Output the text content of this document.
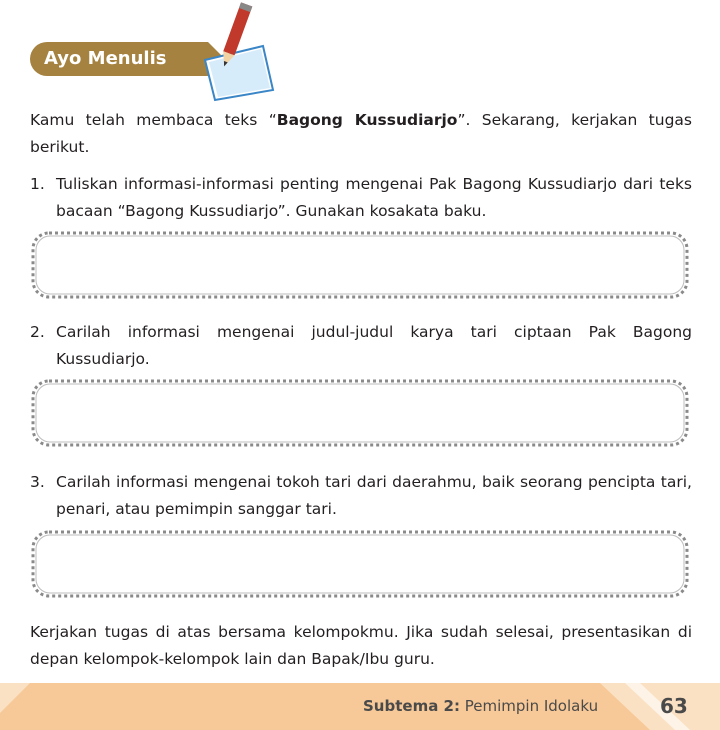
Ayo Menulis
Kamu telah membaca teks “Bagong Kussudiarjo”. Sekarang, kerjakan tugas berikut.
1. Tuliskan informasi-informasi penting mengenai Pak Bagong Kussudiarjo dari teks bacaan “Bagong Kussudiarjo”. Gunakan kosakata baku.
2. Carilah informasi mengenai judul-judul karya tari ciptaan Pak Bagong Kussudiarjo.
3. Carilah informasi mengenai tokoh tari dari daerahmu, baik seorang pencipta tari, penari, atau pemimpin sanggar tari.
Kerjakan tugas di atas bersama kelompokmu. Jika sudah selesai, presentasikan di depan kelompok-kelompok lain dan Bapak/Ibu guru.
Subtema 2: Pemimpin Idolaku	63
